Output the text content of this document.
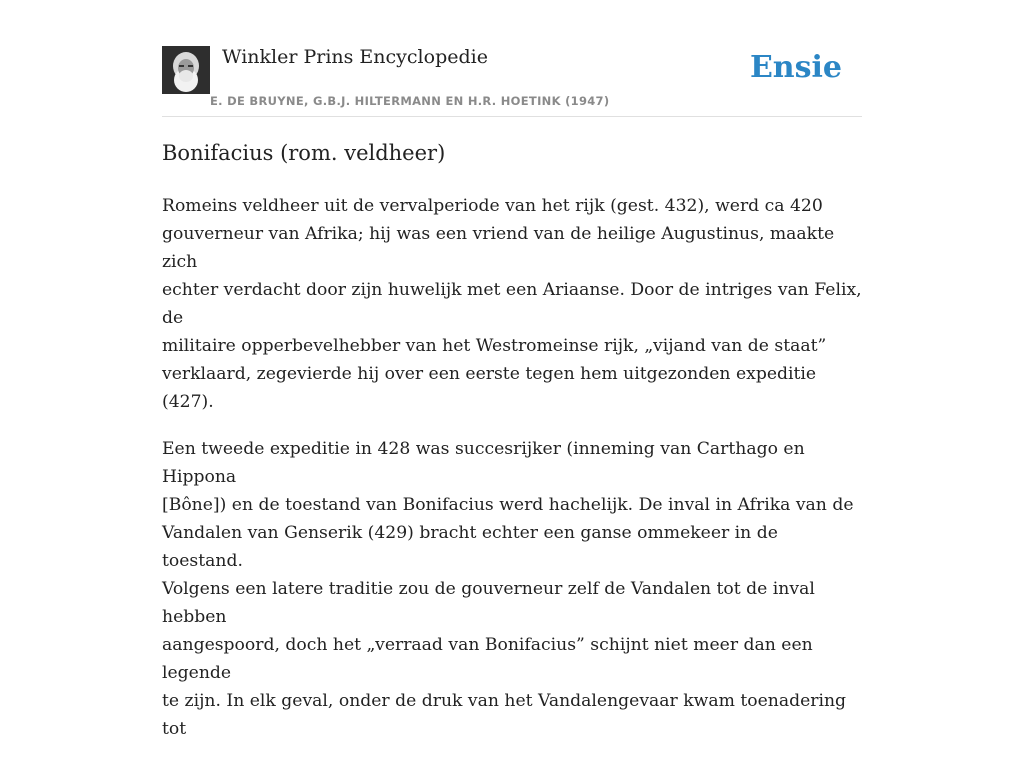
Winkler Prins Encyclopedie
E. DE BRUYNE, G.B.J. HILTERMANN EN H.R. HOETINK (1947)
Ensie
Bonifacius (rom. veldheer)

Romeins veldheer uit de vervalperiode van het rijk (gest. 432), werd ca 420
gouverneur van Afrika; hij was een vriend van de heilige Augustinus, maakte zich
echter verdacht door zijn huwelijk met een Ariaanse. Door de intriges van Felix, de
militaire opperbevelhebber van het Westromeinse rijk, „vijand van de staat”
verklaard, zegevierde hij over een eerste tegen hem uitgezonden expeditie (427).

Een tweede expeditie in 428 was succesrijker (inneming van Carthago en Hippona
[Bône]) en de toestand van Bonifacius werd hachelijk. De inval in Afrika van de
Vandalen van Genserik (429) bracht echter een ganse ommekeer in de toestand.
Volgens een latere traditie zou de gouverneur zelf de Vandalen tot de inval hebben
aangespoord, doch het „verraad van Bonifacius” schijnt niet meer dan een legende
te zijn. In elk geval, onder de druk van het Vandalengevaar kwam toenadering tot
